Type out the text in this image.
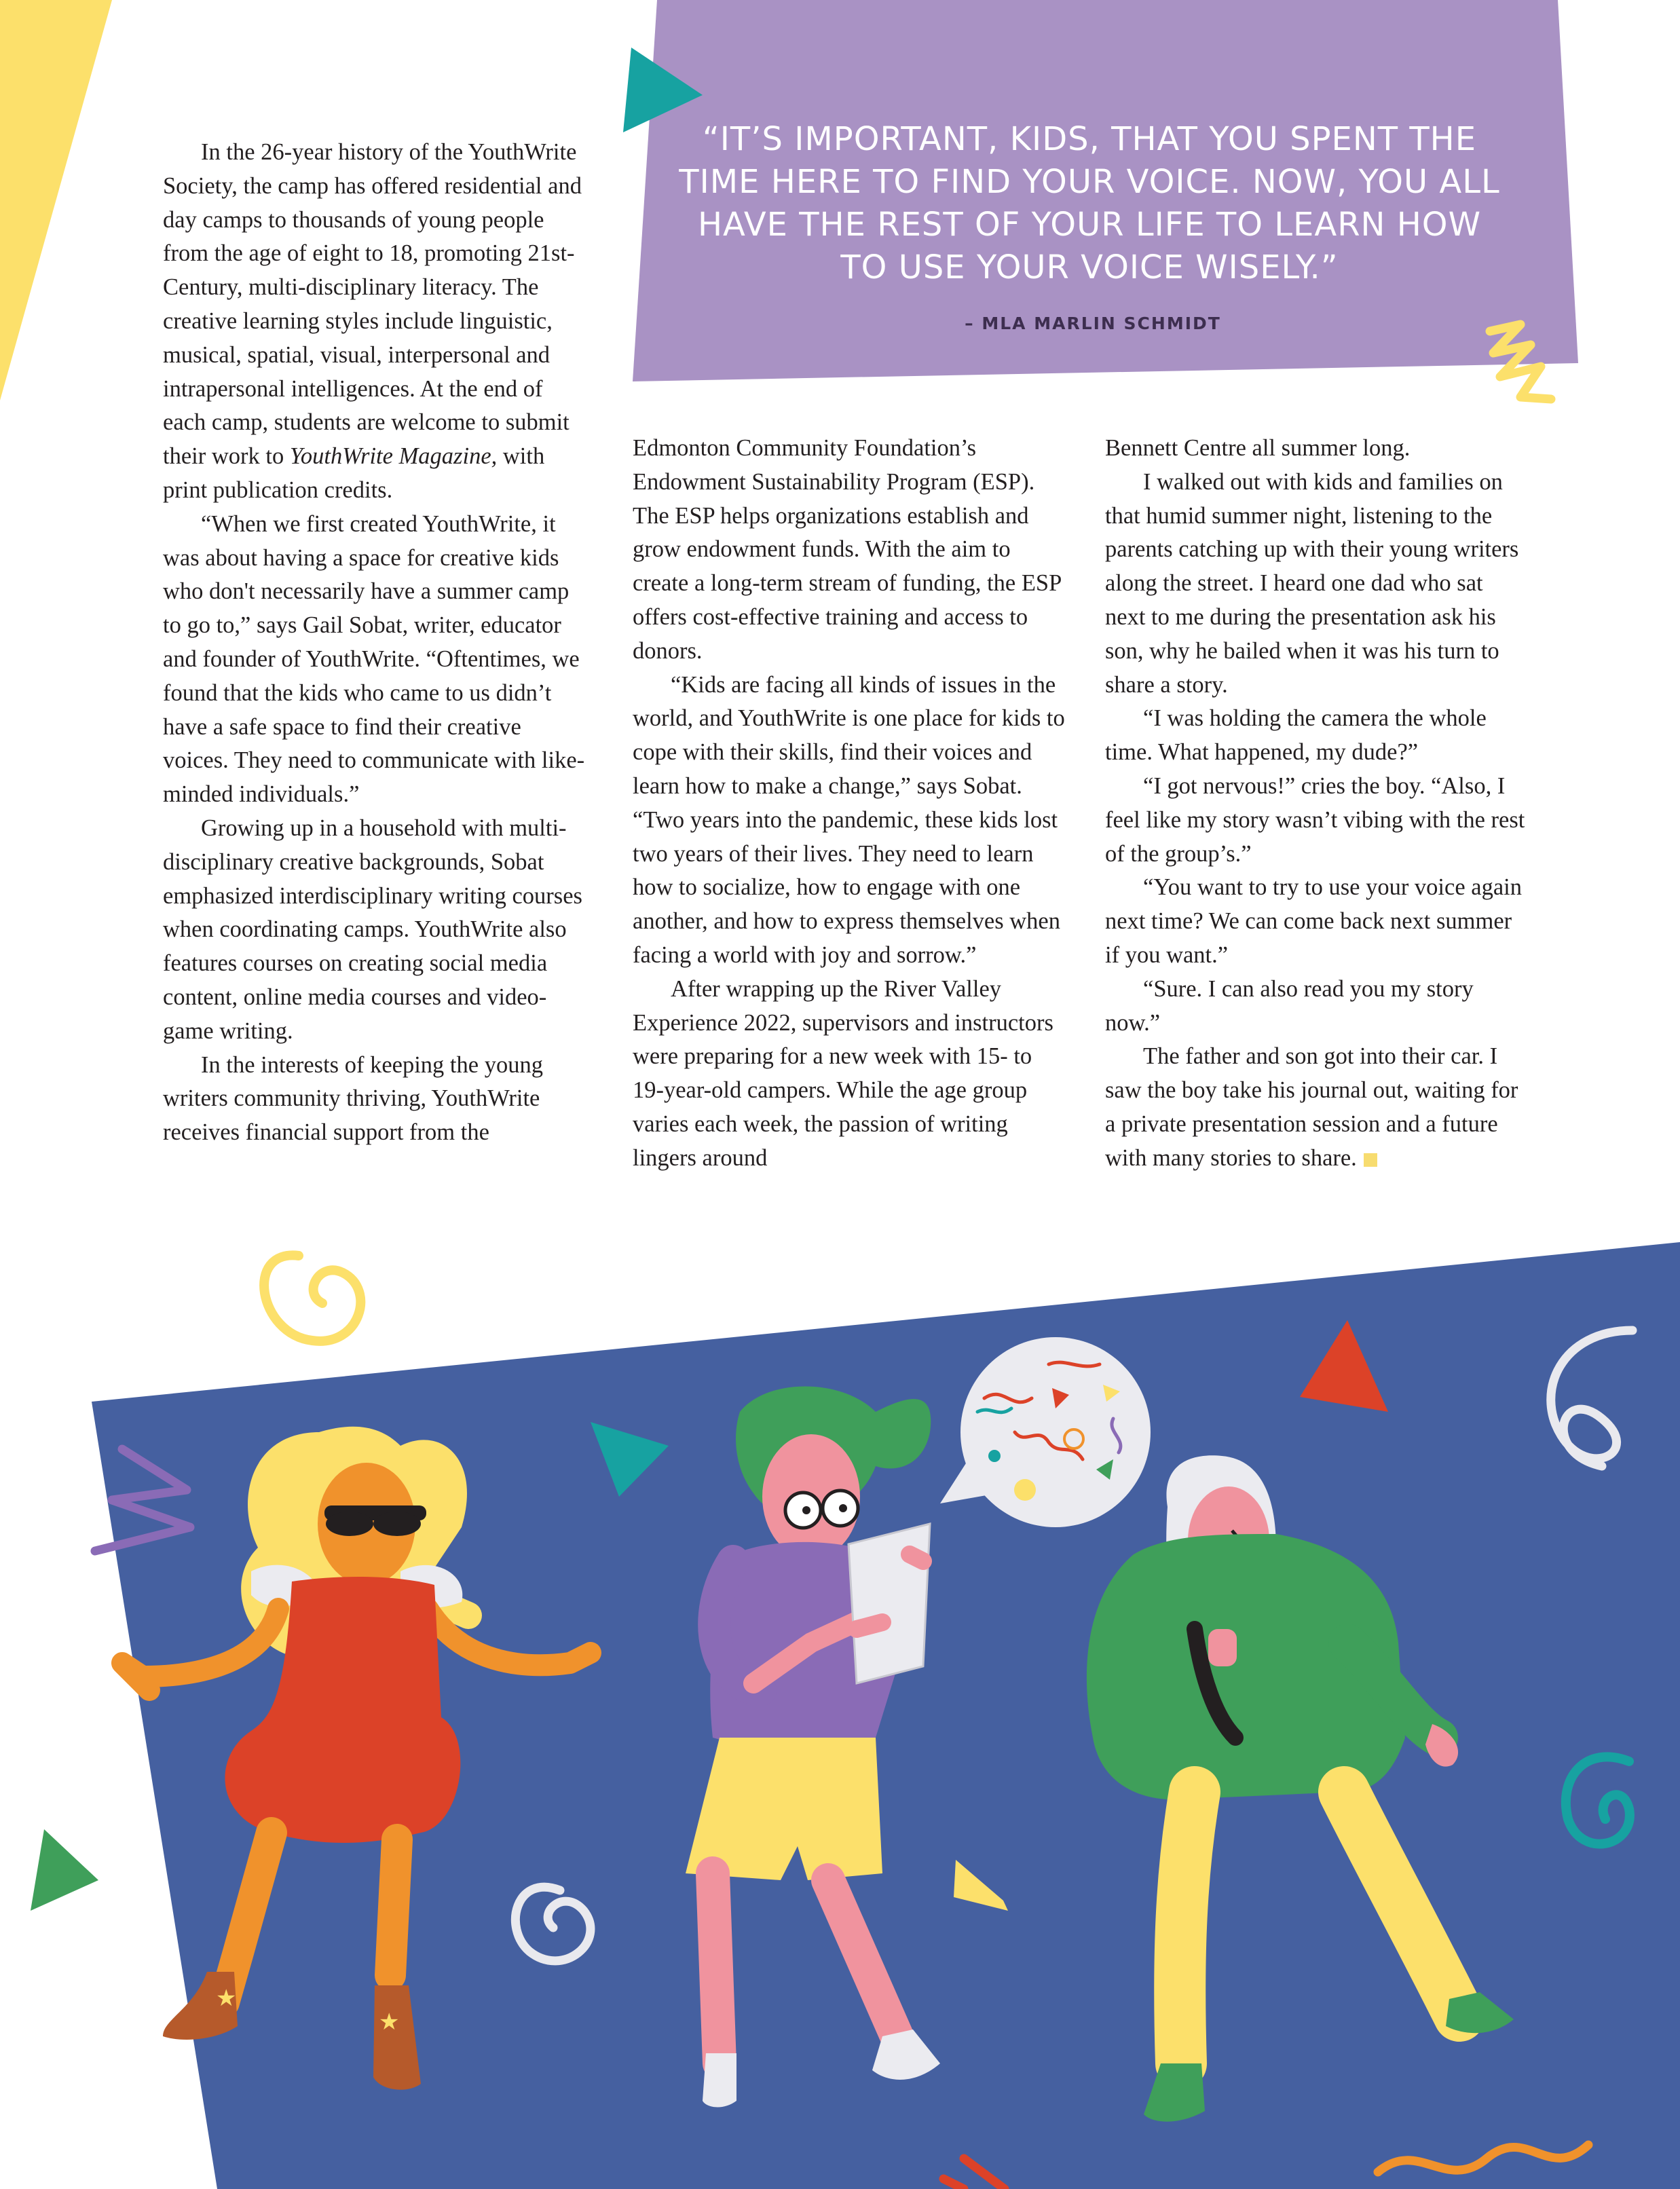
★
★
“IT’S IMPORTANT, KIDS, THAT YOU SPENT THE TIME HERE TO FIND YOUR VOICE. NOW, YOU ALL HAVE THE REST OF YOUR LIFE TO LEARN HOW TO USE YOUR VOICE WISELY.”
– MLA MARLIN SCHMIDT

In the 26-year history of the YouthWrite Society, the camp has offered residential and day camps to thousands of young people from the age of eight to 18, promoting 21st-Century, multi-disciplinary literacy. The creative learning styles include linguistic, musical, spatial, visual, interpersonal and intrapersonal intelligences. At the end of each camp, students are welcome to submit their work to YouthWrite Magazine, with print publication credits.

“When we first created YouthWrite, it was about having a space for creative kids who don't necessarily have a summer camp to go to,” says Gail Sobat, writer, educator and founder of YouthWrite. “Oftentimes, we found that the kids who came to us didn’t have a safe space to find their creative voices. They need to communicate with like-minded individuals.”

Growing up in a household with multi-disciplinary creative backgrounds, Sobat emphasized interdisciplinary writing courses when coordinating camps. YouthWrite also features courses on creating social media content, online media courses and video-game writing.

In the interests of keeping the young writers community thriving, YouthWrite receives financial support from the

Edmonton Community Foundation’s Endowment Sustainability Program (ESP). The ESP helps organizations establish and grow endowment funds. With the aim to create a long-term stream of funding, the ESP offers cost-effective training and access to donors.

“Kids are facing all kinds of issues in the world, and YouthWrite is one place for kids to cope with their skills, find their voices and learn how to make a change,” says Sobat. “Two years into the pandemic, these kids lost two years of their lives. They need to learn how to socialize, how to engage with one another, and how to express themselves when facing a world with joy and sorrow.”

After wrapping up the River Valley Experience 2022, supervisors and instructors were preparing for a new week with 15- to 19-year-old campers. While the age group varies each week, the passion of writing lingers around

Bennett Centre all summer long.

I walked out with kids and families on that humid summer night, listening to the parents catching up with their young writers along the street. I heard one dad who sat next to me during the presentation ask his son, why he bailed when it was his turn to share a story.

“I was holding the camera the whole time. What happened, my dude?”

“I got nervous!” cries the boy. “Also, I feel like my story wasn’t vibing with the rest of the group’s.”

“You want to try to use your voice again next time? We can come back next summer if you want.”

“Sure. I can also read you my story now.”

The father and son got into their car. I saw the boy take his journal out, waiting for a private presentation session and a future with many stories to share.
